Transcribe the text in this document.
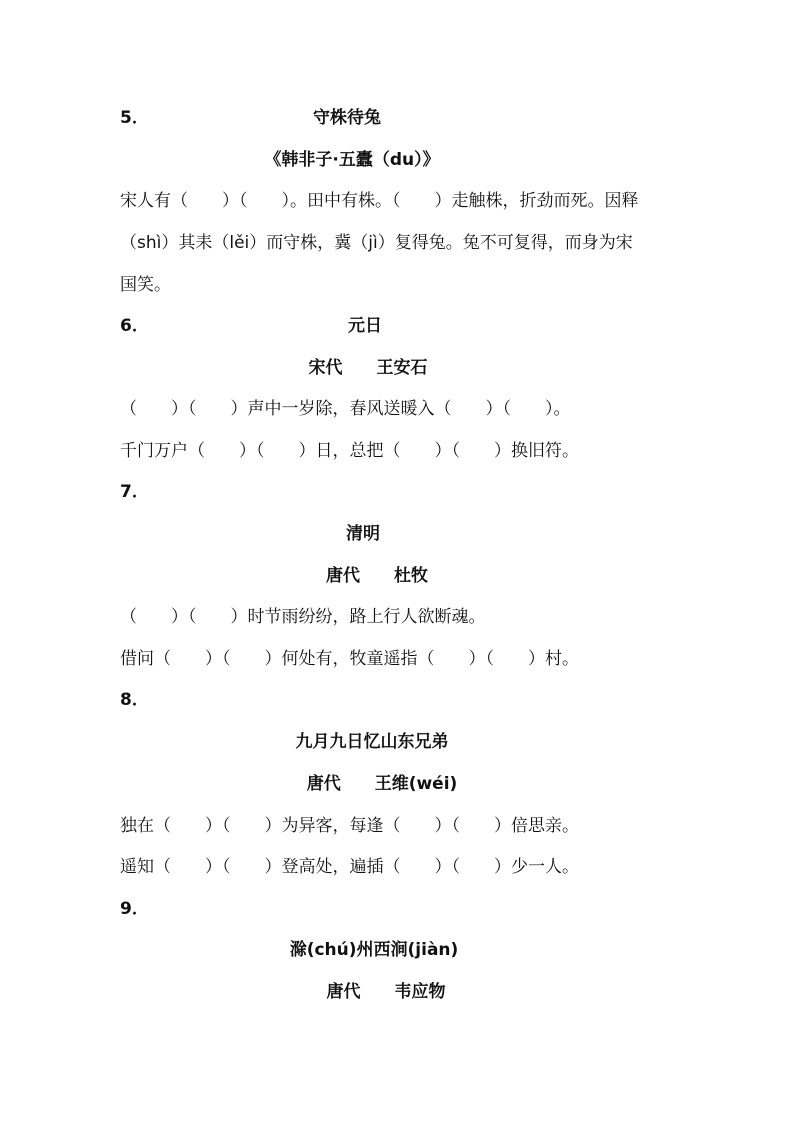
5．	守株待兔
《韩非子·五蠹（du）》
宋人有（　　）（　　）。田中有株。（　　）走触株，折劲而死。因释
（shì）其耒（lěi）而守株，冀（jì）复得兔。兔不可复得，而身为宋
国笑。
6．	元日
宋代　　王安石
（　　）（　　）声中一岁除，春风送暖入（　　）（　　）。
千门万户（　　）（　　）日，总把（　　）（　　）换旧符。
7．
清明
唐代　　杜牧
（　　）（　　）时节雨纷纷，路上行人欲断魂。
借问（　　）（　　）何处有，牧童遥指（　　）（　　）村。
8．
九月九日忆山东兄弟
唐代　　王维(wéi)
独在（　　）（　　）为异客，每逢（　　）（　　）倍思亲。
遥知（　　）（　　）登高处，遍插（　　）（　　）少一人。
9．
滁(chú)州西涧(jiàn)
唐代　　韦应物
